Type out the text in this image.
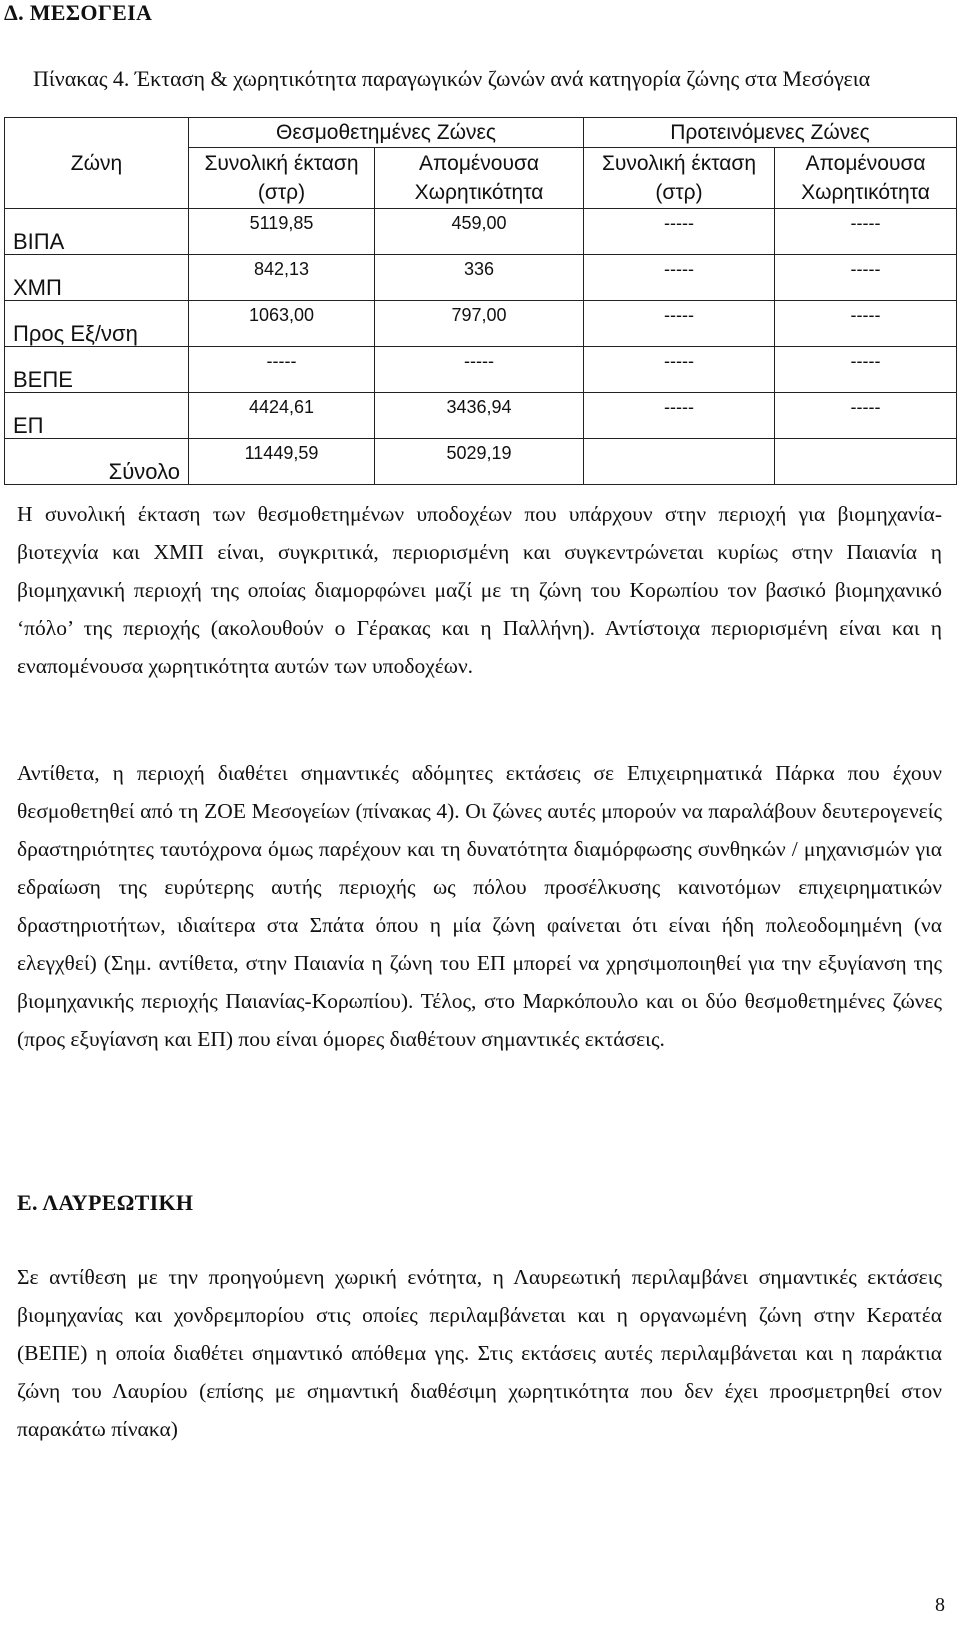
Δ. ΜΕΣΟΓΕΙΑ
Πίνακας 4. Έκταση & χωρητικότητα παραγωγικών ζωνών ανά κατηγορία ζώνης στα Μεσόγεια
Ζώνη	Θεσμοθετημένες Ζώνες		Προτεινόμενες Ζώνες	
	Συνολική έκταση (στρ)	Απομένουσα Χωρητικότητα	Συνολική έκταση (στρ)	Απομένουσα Χωρητικότητα
ΒΙΠΑ	5119,85	459,00	-----	-----
ΧΜΠ	842,13	336	-----	-----
Προς Εξ/νση	1063,00	797,00	-----	-----
ΒΕΠΕ	-----	-----	-----	-----
ΕΠ	4424,61	3436,94	-----	-----
Σύνολο	11449,59	5029,19		

Η συνολική έκταση των θεσμοθετημένων υποδοχέων που υπάρχουν στην περιοχή για βιομηχανία-βιοτεχνία και ΧΜΠ είναι, συγκριτικά, περιορισμένη και συγκεντρώνεται κυρίως στην Παιανία η βιομηχανική περιοχή της οποίας διαμορφώνει μαζί με τη ζώνη του Κορωπίου τον βασικό βιομηχανικό ‘πόλο’ της περιοχής (ακολουθούν ο Γέρακας και η Παλλήνη). Αντίστοιχα περιορισμένη είναι και η εναπομένουσα χωρητικότητα αυτών των υποδοχέων.

Αντίθετα, η περιοχή διαθέτει σημαντικές αδόμητες εκτάσεις σε Επιχειρηματικά Πάρκα που έχουν θεσμοθετηθεί από τη ΖΟΕ Μεσογείων (πίνακας 4). Οι ζώνες αυτές μπορούν να παραλάβουν δευτερογενείς δραστηριότητες ταυτόχρονα όμως παρέχουν και τη δυνατότητα διαμόρφωσης συνθηκών / μηχανισμών για εδραίωση της ευρύτερης αυτής περιοχής ως πόλου προσέλκυσης καινοτόμων επιχειρηματικών δραστηριοτήτων, ιδιαίτερα στα Σπάτα όπου η μία ζώνη φαίνεται ότι είναι ήδη πολεοδομημένη (να ελεγχθεί) (Σημ. αντίθετα, στην Παιανία η ζώνη του ΕΠ μπορεί να χρησιμοποιηθεί για την εξυγίανση της βιομηχανικής περιοχής Παιανίας-Κορωπίου). Τέλος, στο Μαρκόπουλο και οι δύο θεσμοθετημένες ζώνες (προς εξυγίανση και ΕΠ) που είναι όμορες διαθέτουν σημαντικές εκτάσεις.

Ε. ΛΑΥΡΕΩΤΙΚΗ

Σε αντίθεση με την προηγούμενη χωρική ενότητα, η Λαυρεωτική περιλαμβάνει σημαντικές εκτάσεις βιομηχανίας και χονδρεμπορίου στις οποίες περιλαμβάνεται και η οργανωμένη ζώνη στην Κερατέα (ΒΕΠΕ) η οποία διαθέτει σημαντικό απόθεμα γης. Στις εκτάσεις αυτές περιλαμβάνεται και η παράκτια ζώνη του Λαυρίου (επίσης με σημαντική διαθέσιμη χωρητικότητα που δεν έχει προσμετρηθεί στον παρακάτω πίνακα)

8
